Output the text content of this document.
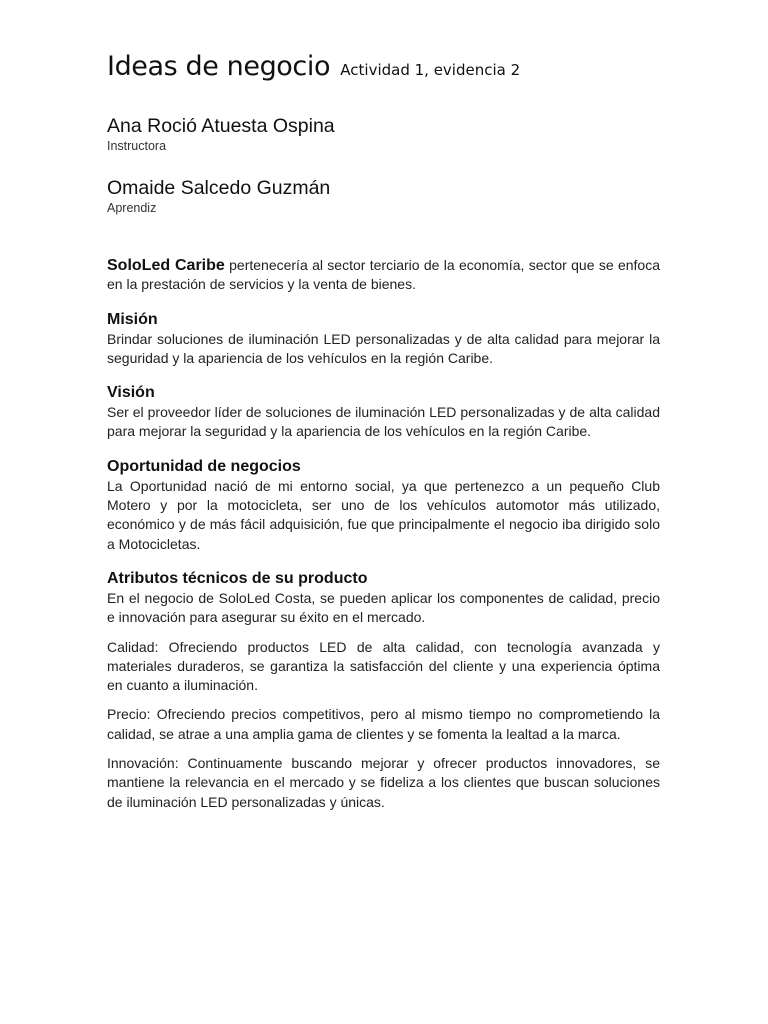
Ideas de negocio Actividad 1, evidencia 2
Ana Roció Atuesta Ospina
Instructora
Omaide Salcedo Guzmán
Aprendiz

SoloLed Caribe pertenecería al sector terciario de la economía, sector que se enfoca en la prestación de servicios y la venta de bienes.

Misión

Brindar soluciones de iluminación LED personalizadas y de alta calidad para mejorar la seguridad y la apariencia de los vehículos en la región Caribe.

Visión

Ser el proveedor líder de soluciones de iluminación LED personalizadas y de alta calidad para mejorar la seguridad y la apariencia de los vehículos en la región Caribe.

Oportunidad de negocios

La Oportunidad nació de mi entorno social, ya que pertenezco a un pequeño Club Motero y por la motocicleta, ser uno de los vehículos automotor más utilizado, económico y de más fácil adquisición, fue que principalmente el negocio iba dirigido solo a Motocicletas.

Atributos técnicos de su producto

En el negocio de SoloLed Costa, se pueden aplicar los componentes de calidad, precio e innovación para asegurar su éxito en el mercado.

Calidad: Ofreciendo productos LED de alta calidad, con tecnología avanzada y materiales duraderos, se garantiza la satisfacción del cliente y una experiencia óptima en cuanto a iluminación.

Precio: Ofreciendo precios competitivos, pero al mismo tiempo no comprometiendo la calidad, se atrae a una amplia gama de clientes y se fomenta la lealtad a la marca.

Innovación: Continuamente buscando mejorar y ofrecer productos innovadores, se mantiene la relevancia en el mercado y se fideliza a los clientes que buscan soluciones de iluminación LED personalizadas y únicas.
